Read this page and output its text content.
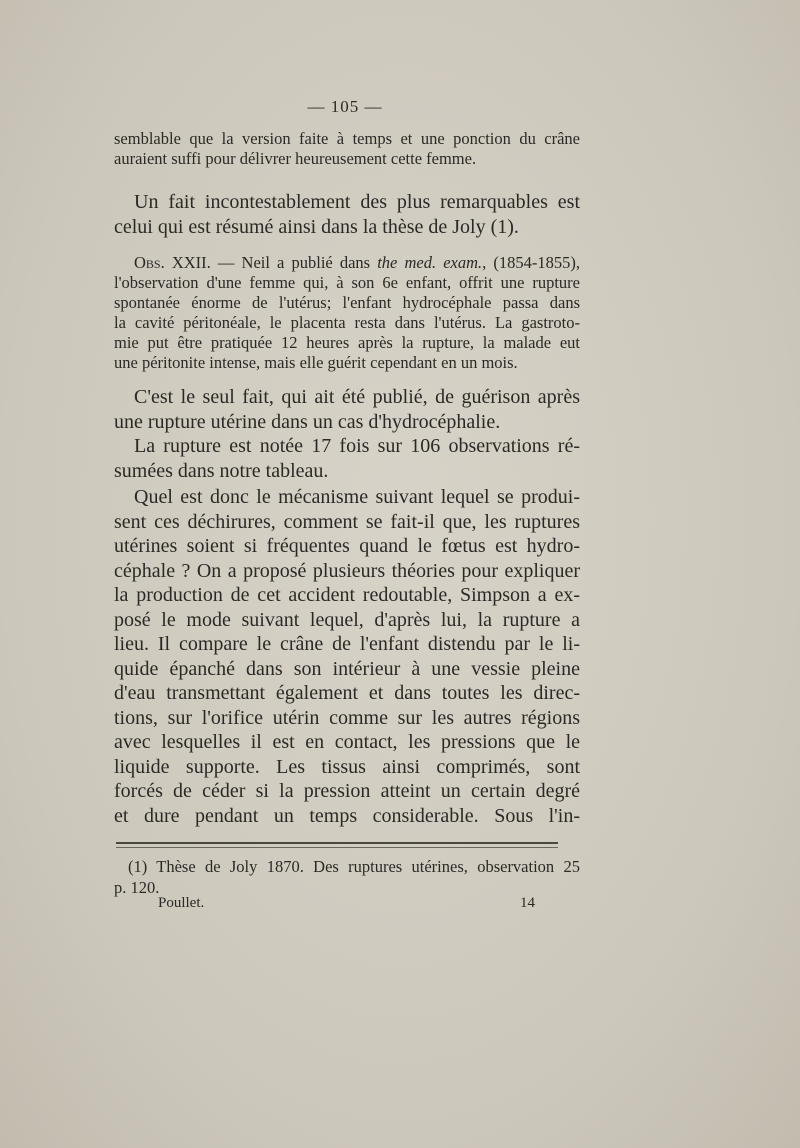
— 105 —
semblable que la version faite à temps et une ponction du crâne
auraient suffi pour délivrer heureusement cette femme.
Un fait incontestablement des plus remarquables est
celui qui est résumé ainsi dans la thèse de Joly (1).
Obs. XXII. — Neil a publié dans the med. exam., (1854-1855),
l'observation d'une femme qui, à son 6e enfant, offrit une rupture
spontanée énorme de l'utérus; l'enfant hydrocéphale passa dans
la cavité péritonéale, le placenta resta dans l'utérus. La gastroto-
mie put être pratiquée 12 heures après la rupture, la malade eut
une péritonite intense, mais elle guérit cependant en un mois.
C'est le seul fait, qui ait été publié, de guérison après
une rupture utérine dans un cas d'hydrocéphalie.
La rupture est notée 17 fois sur 106 observations ré-
sumées dans notre tableau.
Quel est donc le mécanisme suivant lequel se produi-
sent ces déchirures, comment se fait-il que, les ruptures
utérines soient si fréquentes quand le fœtus est hydro-
céphale ? On a proposé plusieurs théories pour expliquer
la production de cet accident redoutable, Simpson a ex-
posé le mode suivant lequel, d'après lui, la rupture a
lieu. Il compare le crâne de l'enfant distendu par le li-
quide épanché dans son intérieur à une vessie pleine
d'eau transmettant également et dans toutes les direc-
tions, sur l'orifice utérin comme sur les autres régions
avec lesquelles il est en contact, les pressions que le
liquide supporte. Les tissus ainsi comprimés, sont
forcés de céder si la pression atteint un certain degré
et dure pendant un temps considerable. Sous l'in-
(1) Thèse de Joly 1870. Des ruptures utérines, observation 25
p. 120.
Poullet.	14
